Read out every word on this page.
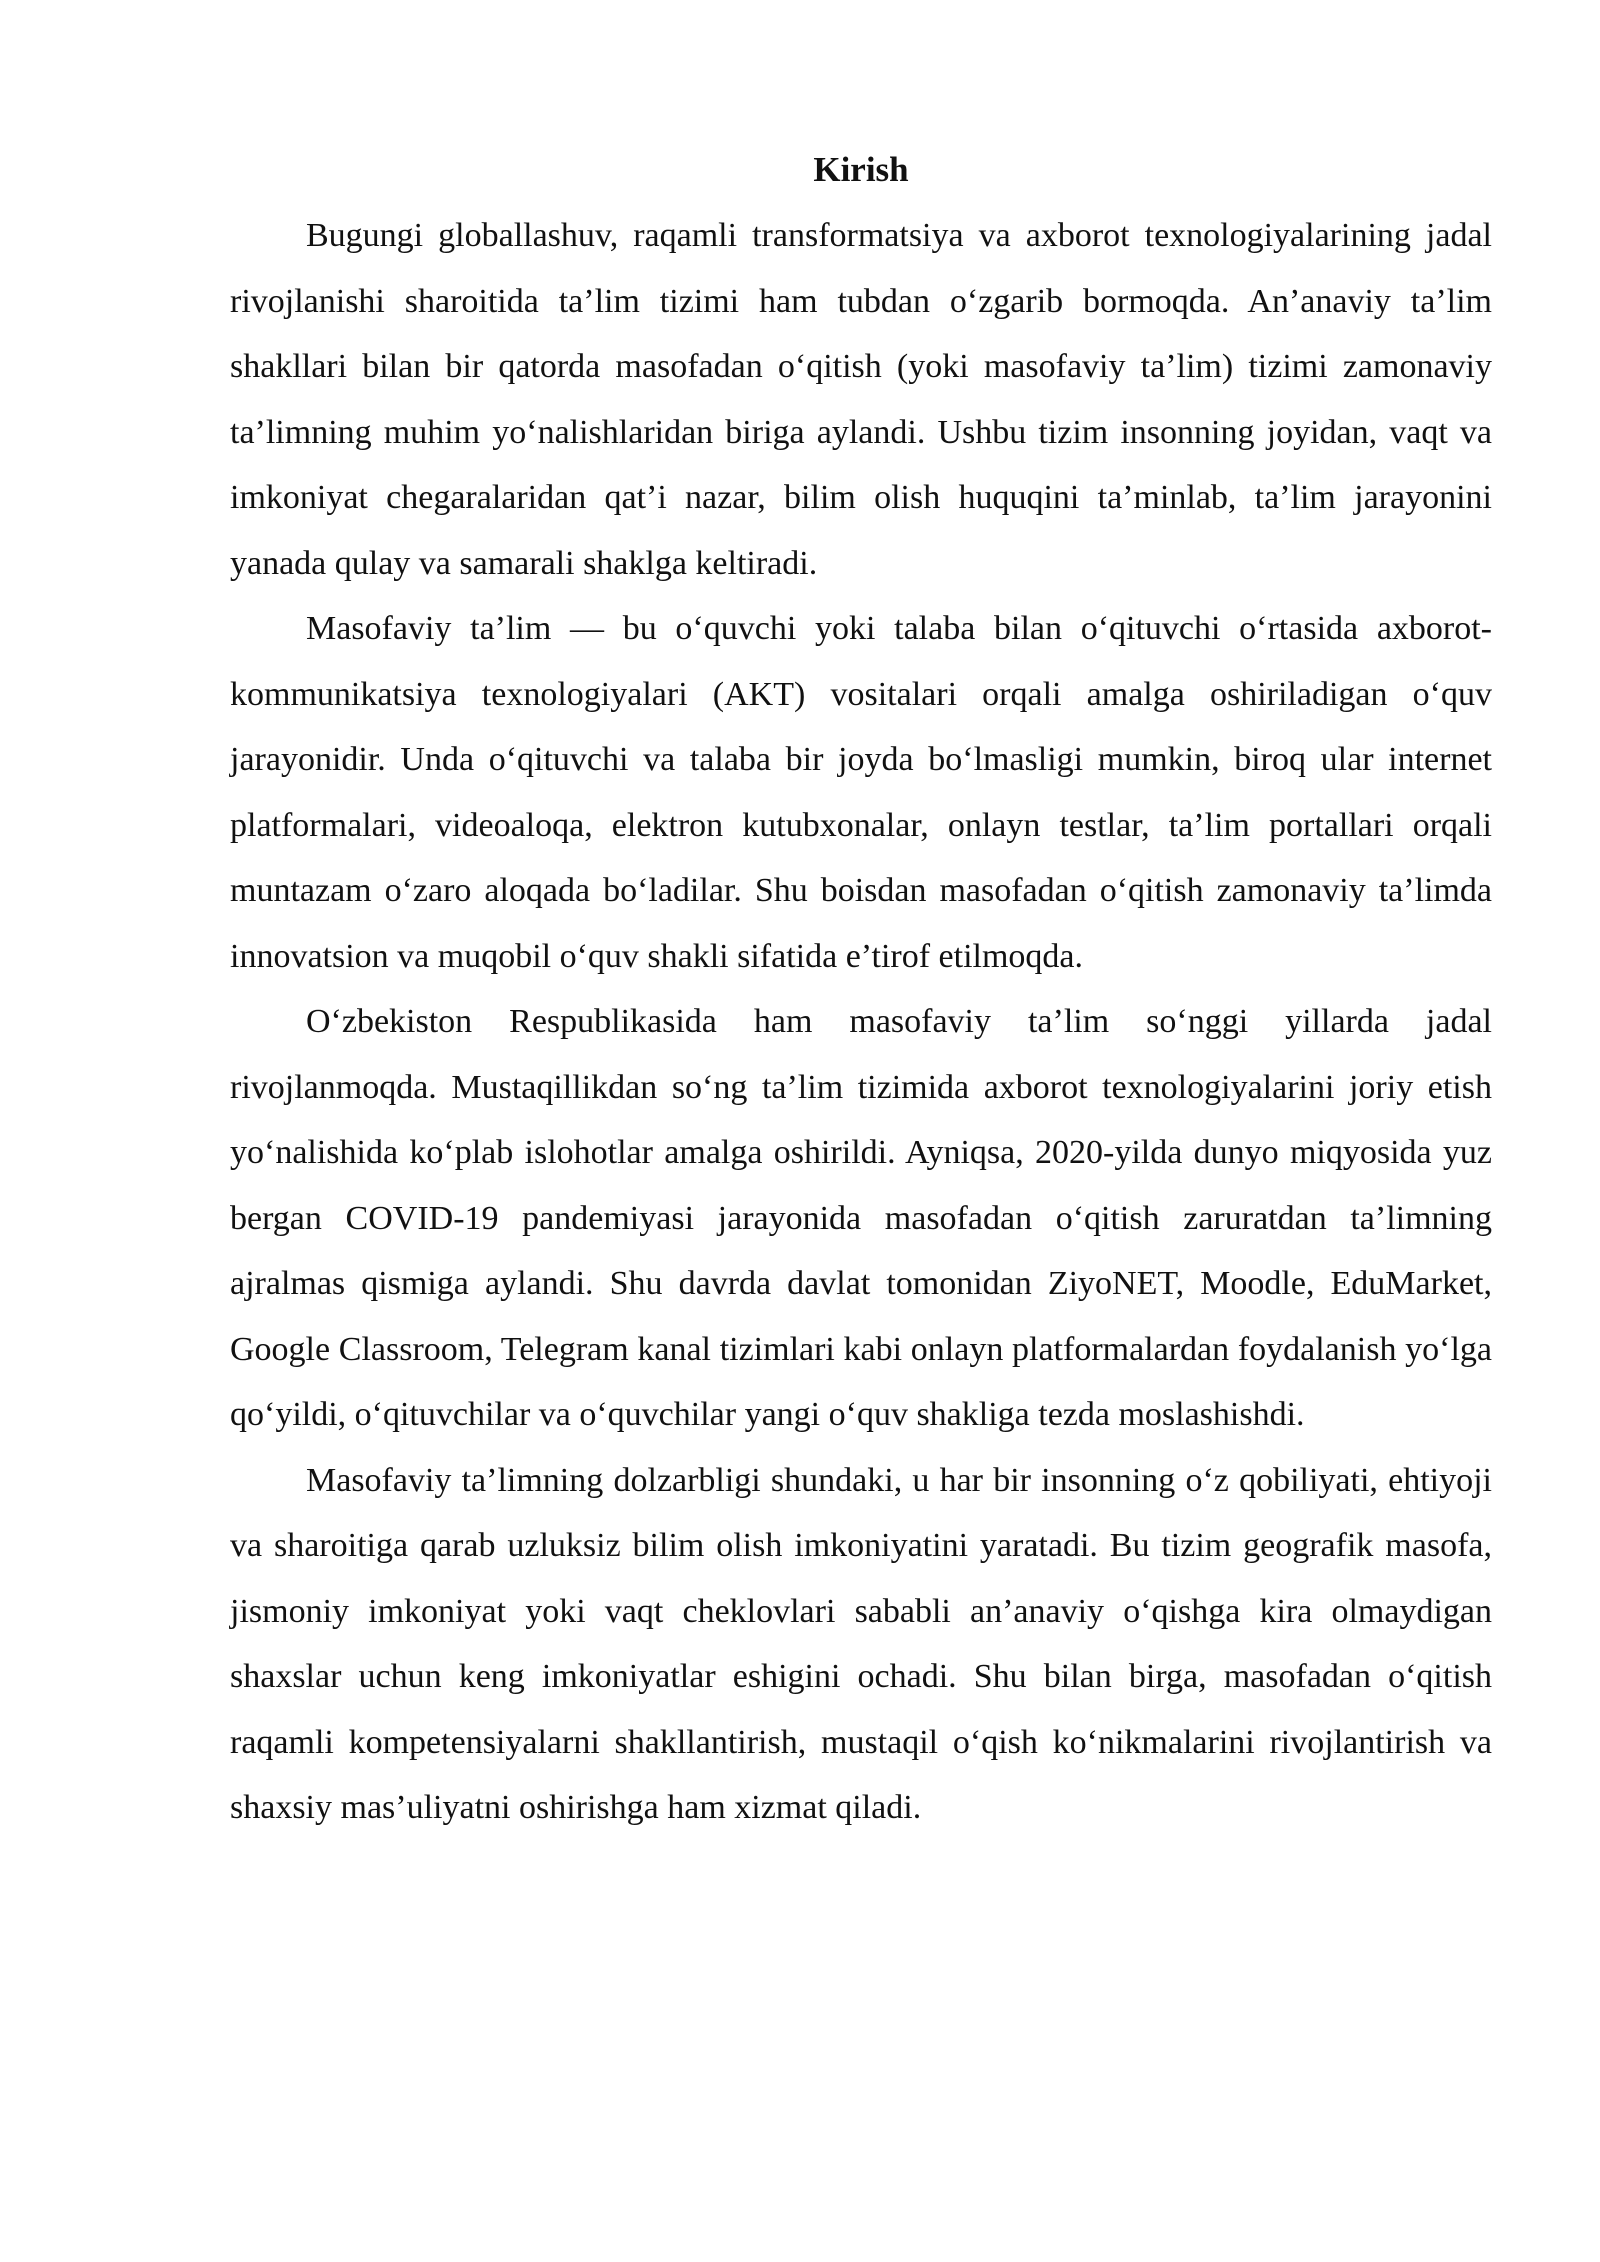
Kirish

Bugungi globallashuv, raqamli transformatsiya va axborot texnologiyalarining jadal rivojlanishi sharoitida ta’lim tizimi ham tubdan o‘zgarib bormoqda. An’anaviy ta’lim shakllari bilan bir qatorda masofadan o‘qitish (yoki masofaviy ta’lim) tizimi zamonaviy ta’limning muhim yo‘nalishlaridan biriga aylandi. Ushbu tizim insonning joyidan, vaqt va imkoniyat chegaralaridan qat’i nazar, bilim olish huquqini ta’minlab, ta’lim jarayonini yanada qulay va samarali shaklga keltiradi.

Masofaviy ta’lim — bu o‘quvchi yoki talaba bilan o‘qituvchi o‘rtasida axborot-kommunikatsiya texnologiyalari (AKT) vositalari orqali amalga oshiriladigan o‘quv jarayonidir. Unda o‘qituvchi va talaba bir joyda bo‘lmasligi mumkin, biroq ular internet platformalari, videoaloqa, elektron kutubxonalar, onlayn testlar, ta’lim portallari orqali muntazam o‘zaro aloqada bo‘ladilar. Shu boisdan masofadan o‘qitish zamonaviy ta’limda innovatsion va muqobil o‘quv shakli sifatida e’tirof etilmoqda.

O‘zbekiston Respublikasida ham masofaviy ta’lim so‘nggi yillarda jadal rivojlanmoqda. Mustaqillikdan so‘ng ta’lim tizimida axborot texnologiyalarini joriy etish yo‘nalishida ko‘plab islohotlar amalga oshirildi. Ayniqsa, 2020-yilda dunyo miqyosida yuz bergan COVID-19 pandemiyasi jarayonida masofadan o‘qitish zaruratdan ta’limning ajralmas qismiga aylandi. Shu davrda davlat tomonidan ZiyoNET, Moodle, EduMarket, Google Classroom, Telegram kanal tizimlari kabi onlayn platformalardan foydalanish yo‘lga qo‘yildi, o‘qituvchilar va o‘quvchilar yangi o‘quv shakliga tezda moslashishdi.

Masofaviy ta’limning dolzarbligi shundaki, u har bir insonning o‘z qobiliyati, ehtiyoji va sharoitiga qarab uzluksiz bilim olish imkoniyatini yaratadi. Bu tizim geografik masofa, jismoniy imkoniyat yoki vaqt cheklovlari sababli an’anaviy o‘qishga kira olmaydigan shaxslar uchun keng imkoniyatlar eshigini ochadi. Shu bilan birga, masofadan o‘qitish raqamli kompetensiyalarni shakllantirish, mustaqil o‘qish ko‘nikmalarini rivojlantirish va shaxsiy mas’uliyatni oshirishga ham xizmat qiladi.
